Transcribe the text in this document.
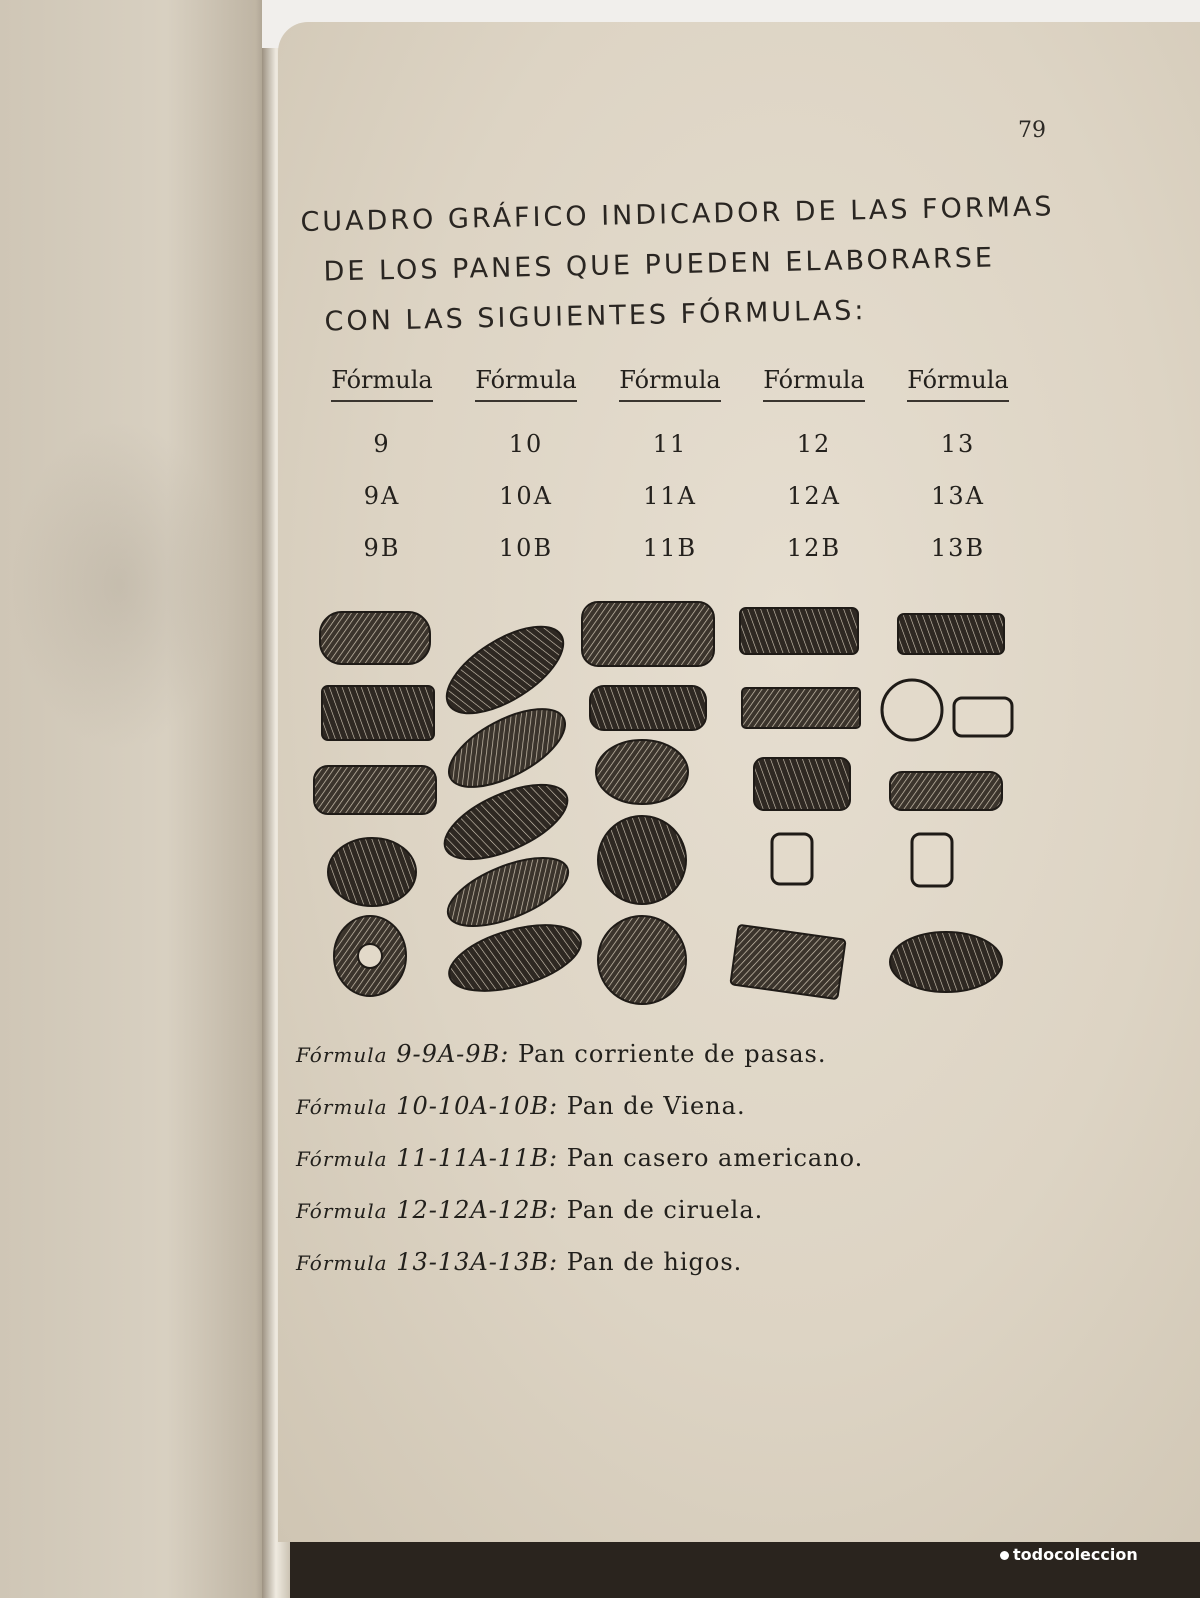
79
CUADRO GRÁFICO INDICADOR DE LAS FORMAS
DE LOS PANES QUE PUEDEN ELABORARSE
CON LAS SIGUIENTES FÓRMULAS:
Fórmula	Fórmula	Fórmula	Fórmula	Fórmula
9	10	11	12	13
9A	10A	11A	12A	13A
9B	10B	11B	12B	13B
Fórmula 9-9A-9B: Pan corriente de pasas.
Fórmula 10-10A-10B: Pan de Viena.
Fórmula 11-11A-11B: Pan casero americano.
Fórmula 12-12A-12B: Pan de ciruela.
Fórmula 13-13A-13B: Pan de higos.
todocoleccion
